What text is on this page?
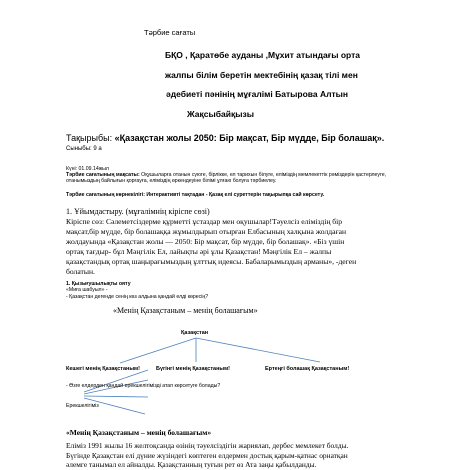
Тәрбие сағаты
БҚО , Қаратөбе ауданы ,Мұхит атындағы орта
жалпы білім беретін мектебінің қазақ тілі мен
әдебиеті пәнінің мұғалімі Батырова Алтын
Жақсыбайқызы
Тақырыбы: «Қазақстан жолы 2050: Бір мақсат, Бір мүдде, Бір болашақ».
Сыныбы: 9 а
Күні: 01.09.14жыл

Тәрбие сағатының мақсаты: Оқушыларға отанын сүюге, бірлікке, ел тарихын білуге, еліміздің мемлекеттік рәміздерін қастерлеуге, отанымыздың байлығын қорғауға, еліміздің өркендеуіне білімі ұлғаю болуға тәрбиелеу.

Тәрбие сағатының көрнекілігі: Интерактивті тақтадан - Қазақ елі суреттерін тақырыпқа сай көрсету.

1. Ұйымдастыру. (мұғалімнің кіріспе сөзі)
Кіріспе сөз: Сәлеметсіздерме құрметті ұстаздар мен оқушылар!Тәуелсіз еліміздің бір
мақсат,бір мүдде, бір болашаққа жұмылдырып отырған Елбасының халқына жолдаған
жолдауында «Қазақстан жолы — 2050: Бір мақсат, бір мүдде, бір болашақ». «Біз үшін
ортақ тағдыр- бұл Мәңгілік Ел, лайықты әрі ұлы Қазақстан! Мәңгілік Ел – жалпы
қазақстандық ортақ шаңырағымыздың ұлттық идеясы. Бабаларымыздың арманы», -деген
болатын.
1. Қызығушылықты ояту
«Миға шабуыл» -
- Қазақстан дегенде сенің көз алдына қандай елді көресің?
«Менің Қазақстаным – менің болашағым»
Қазақстан
Кешегі менің Қазақстаным!	Бүгінгі менің Қазақстаным!	Ертеңгі болашақ Қазақстаным!
- Өзге елдерден қандай ерекшелігімізді атап көрсетуге болады?
Ерекшелігіміз
«Менің Қазақстаным – менің болашағым»
Еліміз 1991 жылы 16 желтоқсанда өзінің тәуелсіздігін жариялап, дербес мемлекет болды.
Бүгінде Қазақстан елі дүние жүзіндегі көптеген елдермен достық қарым-қатнас орнатқан
әлемге танымал ел айналды. Қазақстанның туғын рет өз Ата заңы қабылданды.
